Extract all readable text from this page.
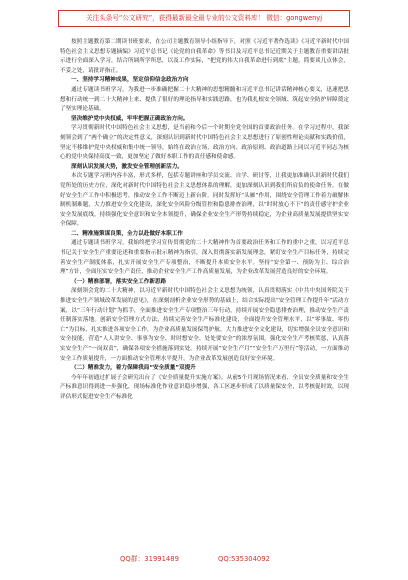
关注头条号“公文研究”，获得最新最全最专业的公文资料库！ 微信：gongwenyj

按照主题教育第二期读书班要求，在公司主题教育领导小组指导下，对照《习近平著作选读》《习近平新时代中国特色社会主义思想专题摘编》习近平总书记《论党的自我革命》等书目及习近平总书记近期关于主题教育重要讲话批示进行全面深入学习，结合所调所学所思，以及工作实际，“把党的伟大自我革命进行到底”主题，简要谈几点体会，不妥之处，请批评指正。

一、坚持学习精神成果，坚定信仰信念政治方向

通过专题读书班学习，为我进一步准确把握二十大精神的思想精髓和习近平总书记讲话精神核心要义，迅速把思想和行动统一到二十大精神上来，提供了很好的理论指导和实践思路，也为我扎根安全领域、筑起安全防护屏障奠定了坚实理论基础。

坚决维护党中央权威，牢牢把握正确政治方向。

学习贯彻新时代中国特色社会主义思想，是当前和今后一个时期全党全国的首要政治任务。在学习过程中，我深刻领会到了“两个确立”的决定性意义，深刻认识到新时代中国特色社会主义思想进行了原创性理论贡献和实践价值，坚定不移维护党中央权威和集中统一领导，始终在政治立场、政治方向、政治原则、政治道路上同以习近平同志为核心的党中央保持高度一致，更加坚定了做好本职工作的责任感和使命感。

深刻认识发展大势，激发安全管理创新活力。

本次专题学习班内容丰富，形式多样，包括专题讲座和学员交流、自学、研讨等，让我更加准确认识新时代我们党所处的历史方位，深化对新时代中国特色社会主义思想体系的理解，更加深刻认识到我们所肩负的使命任务，在做好安全生产工作中积极思考，推动安全工作不断迈上新台阶。同时发挥好“头雁”作用，围绕安全管理工作着力破解体制机制难题，大力推进安全文化建设，深化安全风险分级管控和隐患排查治理，以“时时放心不下”的责任感守护企业安全发展底线。持续强化安全意识和安全本领提升，确保企业安全生产形势持续稳定，为企业高质量发展提供坚实安全保障。

二、精准施策谋良策，全力以赴做好本职工作

通过专题读书班学习，我始终把学习宣传贯彻党的二十大精神作为首要政治任务和工作的重中之重，以习近平总书记关于安全生产重要论述和重要指示批示精神为指引，深入贯彻落实新发展理念，紧盯安全生产目标任务，持续完善安全生产制度体系，扎实开展安全生产专项整治，不断提升本质安全水平。坚持“安全第一、预防为主、综合治理”方针，全面压实安全生产责任，推动企业安全生产工作高质量发展，为企业改革发展营造良好的安全环境。

（一）精准部署，落实安全工作新思路

深刻领会党的二十大精神，以习近平新时代中国特色社会主义思想为统领，认真贯彻落实《中共中央国务院关于推进安全生产领域改革发展的意见》，在深刻剖析企业安全形势的基础上，结合实际提出“安全管理工作提升年”活动方案，以“三年行动计划”为抓手，全面推进安全生产专项整治三年行动，持续开展安全隐患排查治理，推动安全生产责任制落实落地。创新安全管理方式方法，持续完善安全生产标准化建设，全面提升安全管理水平，以“零事故、零伤亡”为目标，扎实推进各项安全工作，为企业高质量发展保驾护航。大力推进安全文化建设，切实增强全员安全意识和安全技能，营造“人人讲安全、事事为安全、时时想安全、处处要安全”的浓厚氛围。强化安全生产考核奖惩，认真落实安全生产“一岗双责”，确保各项安全措施落到实处。持续开展“安全生产月”“安全生产万里行”等活动，一方面推动安全工作质量提升，一方面推动安全管理水平提升，为企业改革发展创造良好安全环境。

（二）精准发力，着力保障我局“安全质量”双提升

今年年初通过扩展子会研究出台了《安全质量提升实施方案》，从前5个月现场情况来看，全员安全质量和安全生产标准意识得到进一步强化，现场标准化作业意识稳步增强，各工区逐步形成了以质量保安全，以考核促时效，以现评估形式促进安全生产标准化

QQ群：31991489	QQ:535304092
